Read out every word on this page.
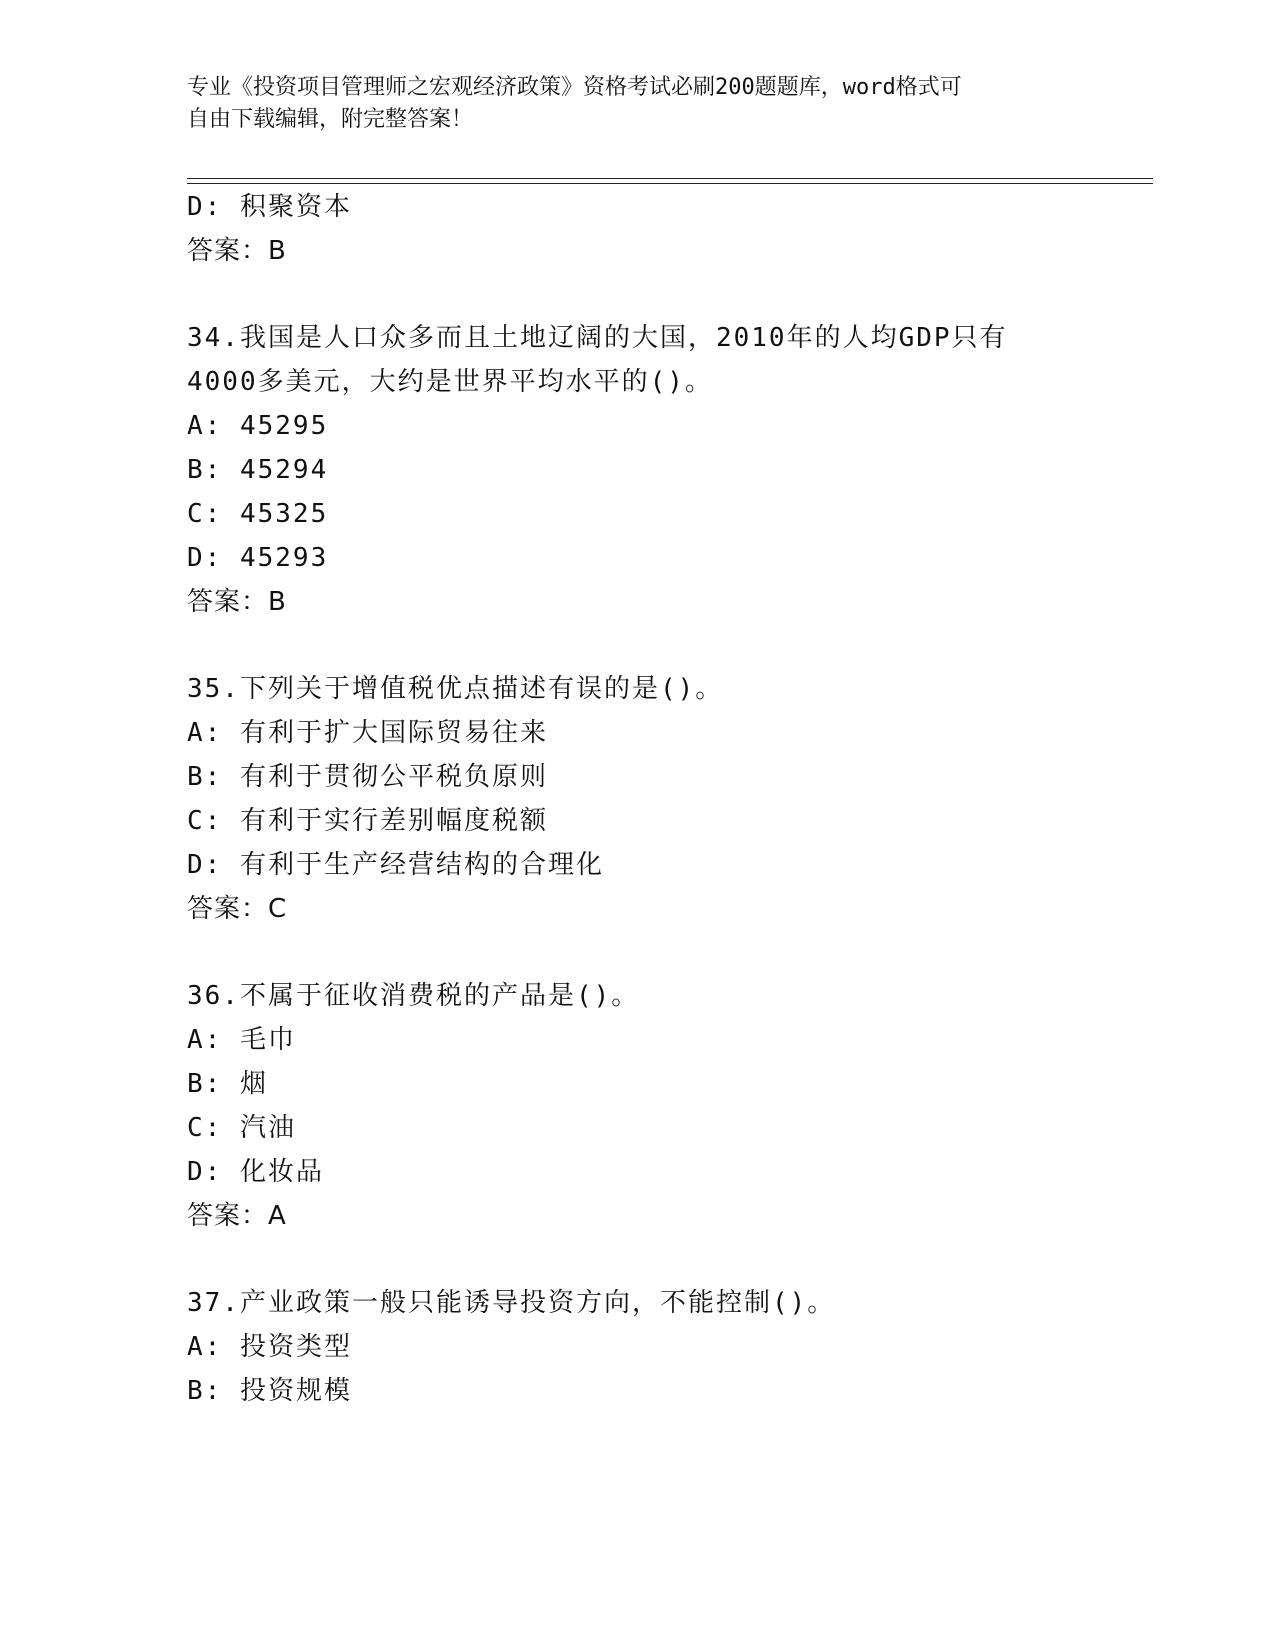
专业《投资项目管理师之宏观经济政策》资格考试必刷200题题库，word格式可
自由下载编辑，附完整答案！
D: 积聚资本
答案：B
34.我国是人口众多而且土地辽阔的大国，2010年的人均GDP只有
4000多美元，大约是世界平均水平的()。
A: 45295
B: 45294
C: 45325
D: 45293
答案：B
35.下列关于增值税优点描述有误的是()。
A: 有利于扩大国际贸易往来
B: 有利于贯彻公平税负原则
C: 有利于实行差别幅度税额
D: 有利于生产经营结构的合理化
答案：C
36.不属于征收消费税的产品是()。
A: 毛巾
B: 烟
C: 汽油
D: 化妆品
答案：A
37.产业政策一般只能诱导投资方向，不能控制()。
A: 投资类型
B: 投资规模
